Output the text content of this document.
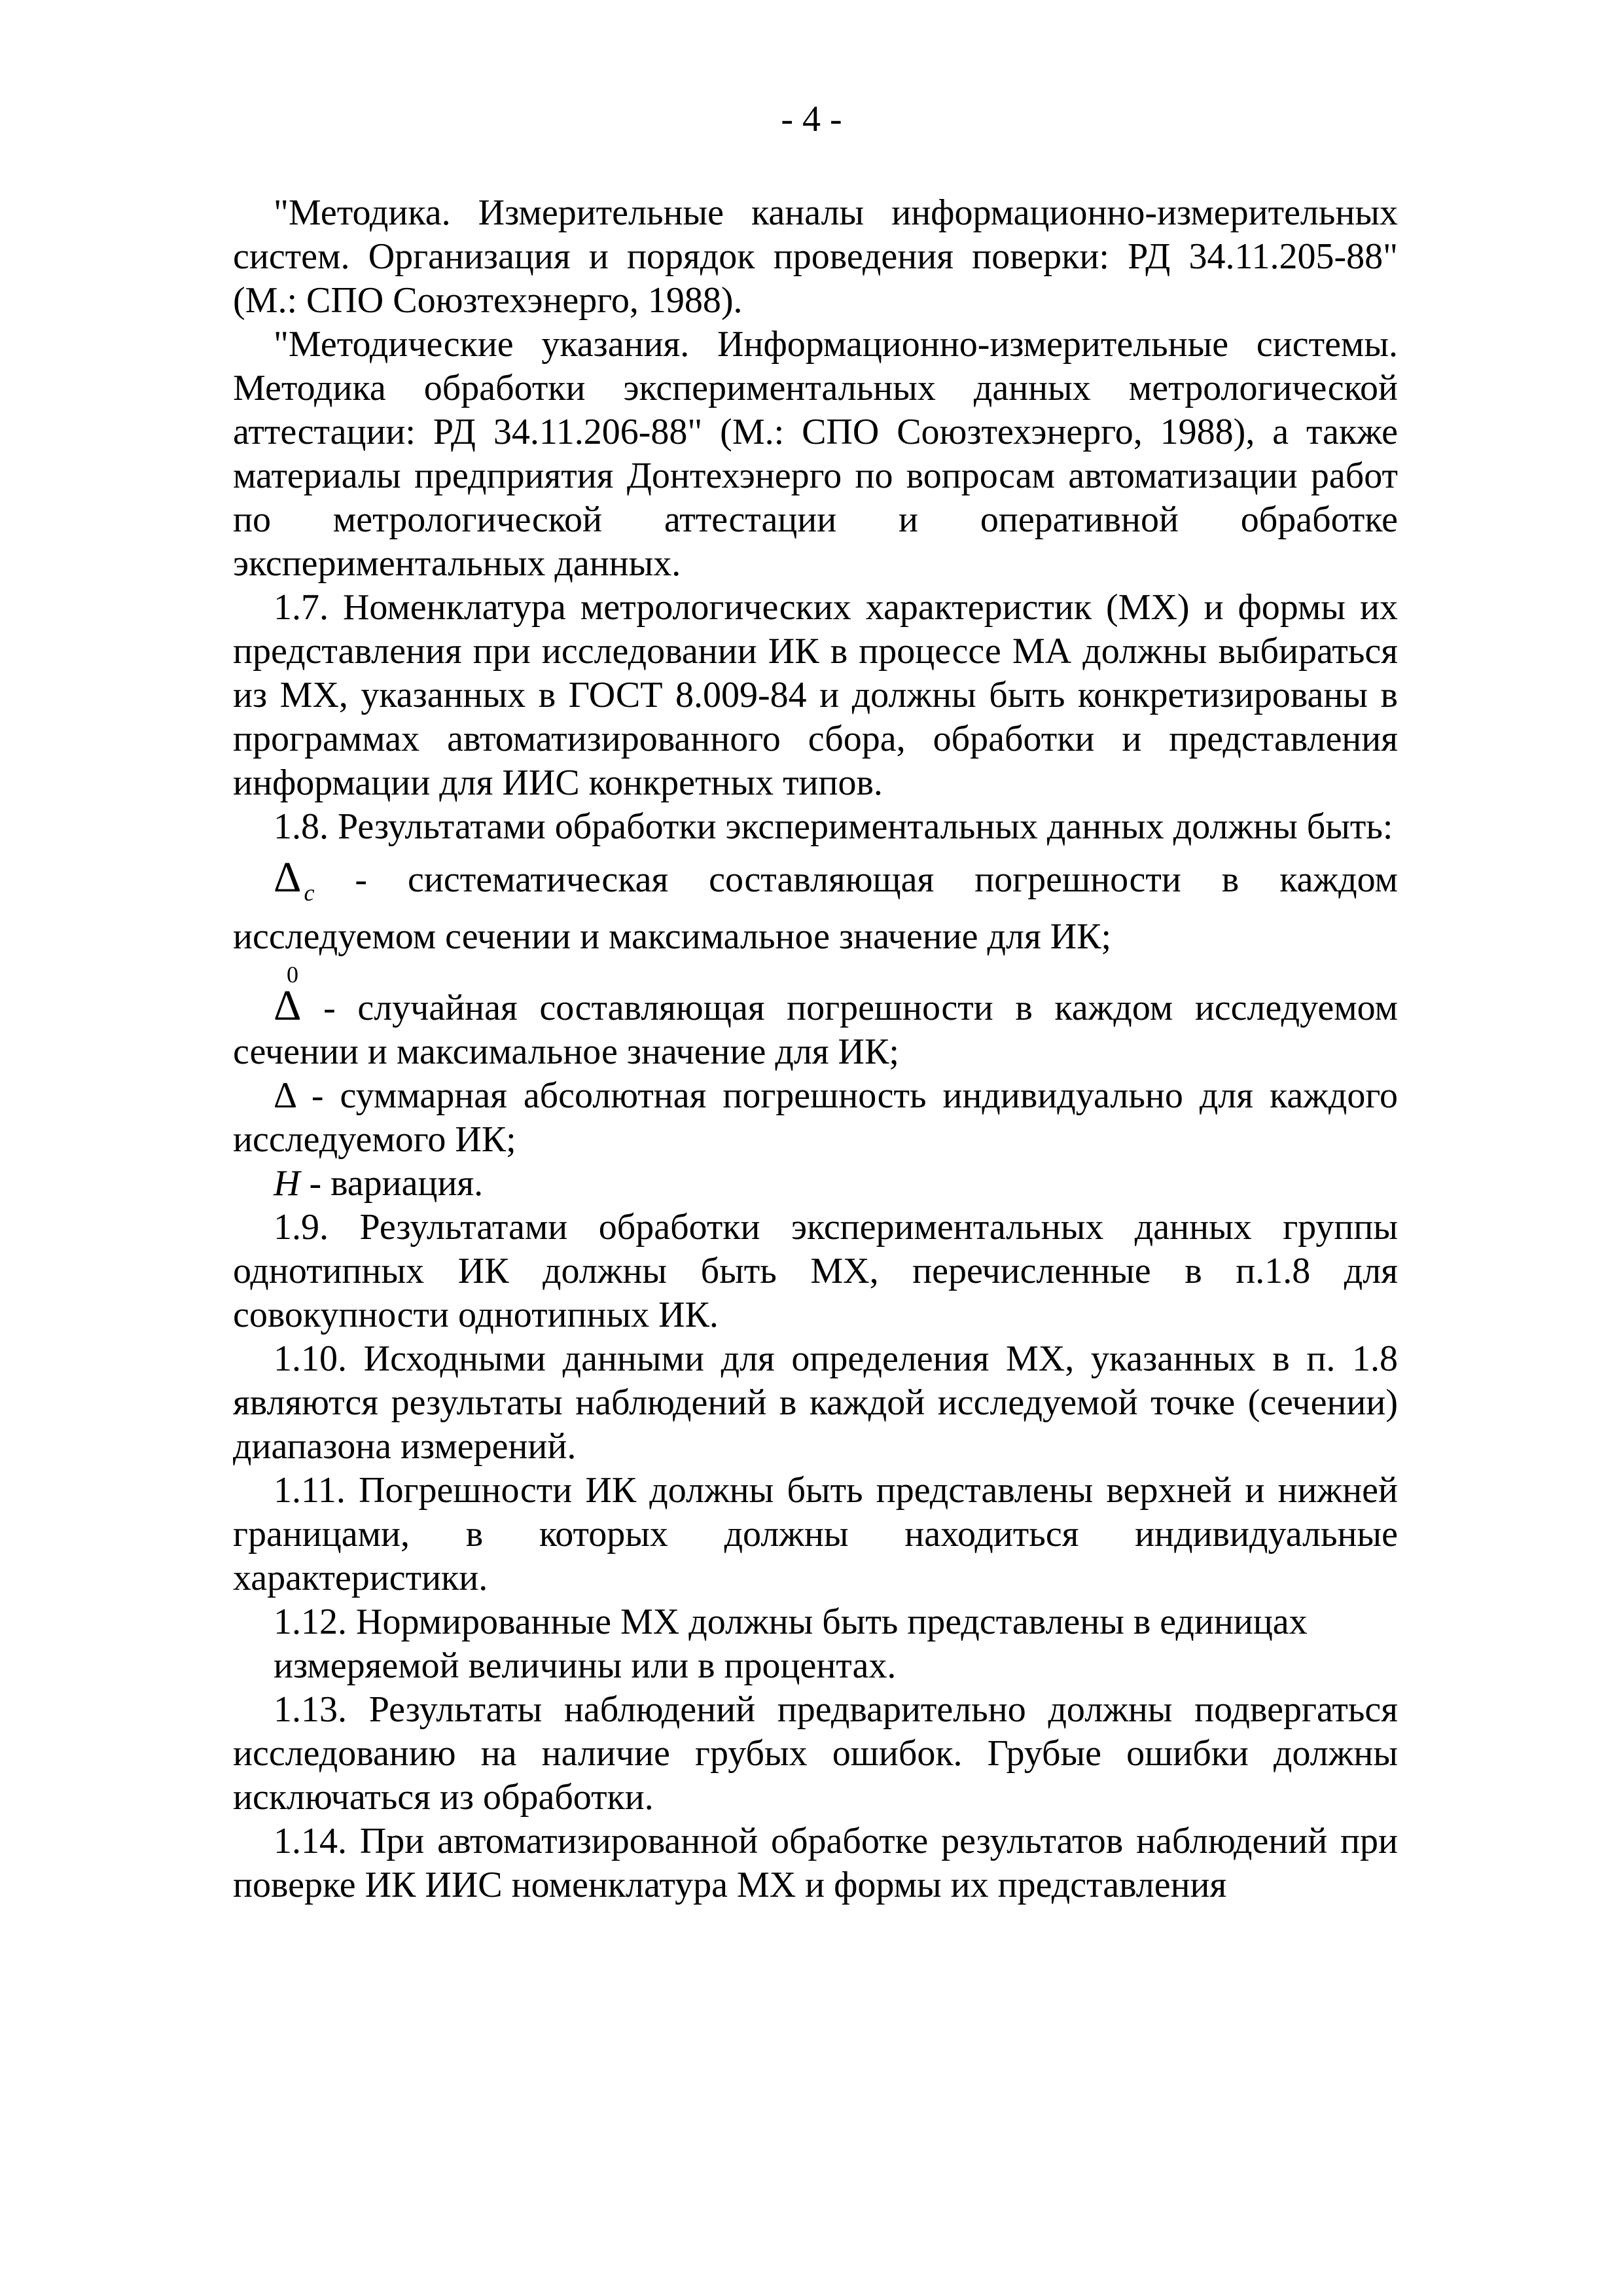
- 4 -

"Методика. Измерительные каналы информационно-измерительных систем. Организация и порядок проведения поверки: РД 34.11.205-88" (М.: СПО Союзтехэнерго, 1988).

"Методические указания. Информационно-измерительные системы. Методика обработки экспериментальных данных метрологической аттестации: РД 34.11.206-88" (М.: СПО Союзтехэнерго, 1988), а также материалы предприятия Донтехэнерго по вопросам автоматизации работ по метрологической аттестации и оперативной обработке экспериментальных данных.

1.7. Номенклатура метрологических характеристик (МХ) и формы их представления при исследовании ИК в процессе МА должны выбираться из МХ, указанных в ГОСТ 8.009-84 и должны быть конкретизированы в программах автоматизированного сбора, обработки и представления информации для ИИС конкретных типов.

1.8. Результатами обработки экспериментальных данных должны быть:

Δ $_c$ - систематическая составляющая погрешности в каждом исследуемом сечении и максимальное значение для ИК;

0

Δ - случайная составляющая погрешности в каждом исследуемом сечении и максимальное значение для ИК;

Δ - суммарная абсолютная погрешность индивидуально для каждого исследуемого ИК;

H - вариация.

1.9. Результатами обработки экспериментальных данных группы однотипных ИК должны быть МХ, перечисленные в п.1.8 для совокупности однотипных ИК.

1.10. Исходными данными для определения МХ, указанных в п. 1.8 являются результаты наблюдений в каждой исследуемой точке (сечении) диапазона измерений.

1.11. Погрешности ИК должны быть представлены верхней и нижней границами, в которых должны находиться индивидуальные характеристики.

1.12. Нормированные МХ должны быть представлены в единицах измеряемой величины или в процентах.

1.13. Результаты наблюдений предварительно должны подвергаться исследованию на наличие грубых ошибок. Грубые ошибки должны исключаться из обработки.

1.14. При автоматизированной обработке результатов наблюдений при поверке ИК ИИС номенклатура МХ и формы их представления
